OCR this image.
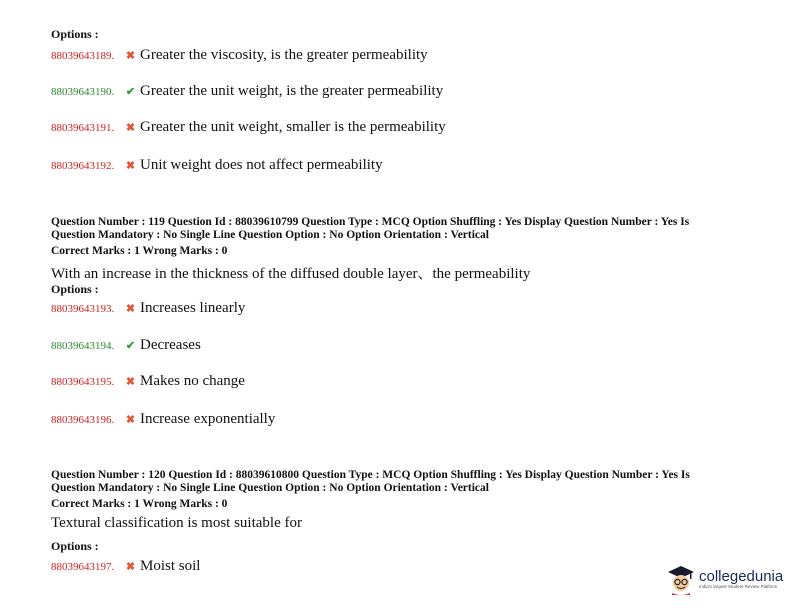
Options :
88039643189.	✖ Greater the viscosity, is the greater permeability
88039643190.	✔ Greater the unit weight, is the greater permeability
88039643191.	✖ Greater the unit weight, smaller is the permeability
88039643192.	✖ Unit weight does not affect permeability
Question Number : 119 Question Id : 88039610799 Question Type : MCQ Option Shuffling : Yes Display Question Number : Yes Is
Question Mandatory : No Single Line Question Option : No Option Orientation : Vertical
Correct Marks : 1 Wrong Marks : 0
With an increase in the thickness of the diffused double layer、the permeability
Options :
88039643193.	✖ Increases linearly
88039643194.	✔ Decreases
88039643195.	✖ Makes no change
88039643196.	✖ Increase exponentially
Question Number : 120 Question Id : 88039610800 Question Type : MCQ Option Shuffling : Yes Display Question Number : Yes Is
Question Mandatory : No Single Line Question Option : No Option Orientation : Vertical
Correct Marks : 1 Wrong Marks : 0
Textural classification is most suitable for
Options :
88039643197.	✖ Moist soil
collegedunia
India's largest Student Review Platform
